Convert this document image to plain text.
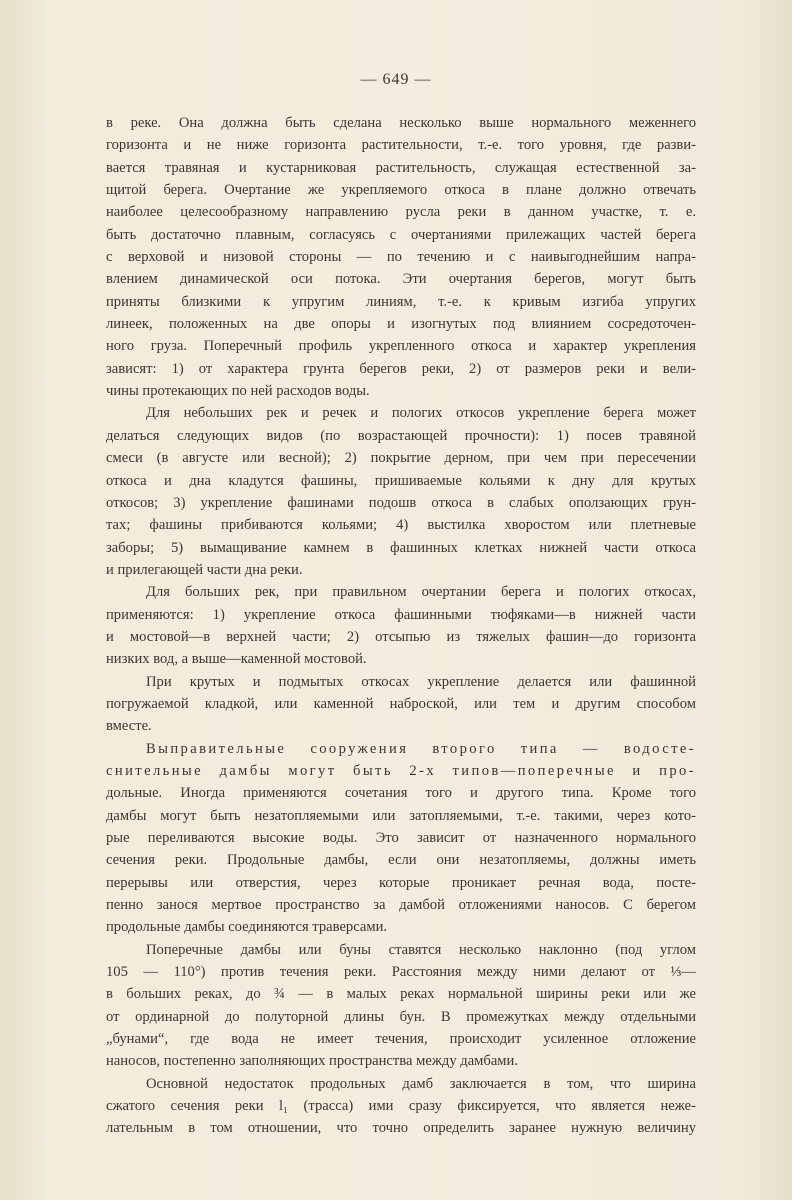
— 649 —
в реке. Она должна быть сделана несколько выше нормального меженнего
горизонта и не ниже горизонта растительности, т.-е. того уровня, где разви-
вается травяная и кустарниковая растительность, служащая естественной за-
щитой берега. Очертание же укрепляемого откоса в плане должно отвечать
наиболее целесообразному направлению русла реки в данном участке, т. е.
быть достаточно плавным, согласуясь с очертаниями прилежащих частей берега
с верховой и низовой стороны — по течению и с наивыгоднейшим напра-
влением динамической оси потока. Эти очертания берегов, могут быть
приняты близкими к упругим линиям, т.-е. к кривым изгиба упругих
линеек, положенных на две опоры и изогнутых под влиянием сосредоточен-
ного груза. Поперечный профиль укрепленного откоса и характер укрепления
зависят: 1) от характера грунта берегов реки, 2) от размеров реки и вели-
чины протекающих по ней расходов воды.
Для небольших рек и речек и пологих откосов укрепление берега может
делаться следующих видов (по возрастающей прочности): 1) посев травяной
смеси (в августе или весной); 2) покрытие дерном, при чем при пересечении
откоса и дна кладутся фашины, пришиваемые кольями к дну для крутых
откосов; 3) укрепление фашинами подошв откоса в слабых оползающих грун-
тах; фашины прибиваются кольями; 4) выстилка хворостом или плетневые
заборы; 5) вымащивание камнем в фашинных клетках нижней части откоса
и прилегающей части дна реки.
Для больших рек, при правильном очертании берега и пологих откосах,
применяются: 1) укрепление откоса фашинными тюфяками—в нижней части
и мостовой—в верхней части; 2) отсыпью из тяжелых фашин—до горизонта
низких вод, а выше—каменной мостовой.
При крутых и подмытых откосах укрепление делается или фашинной
погружаемой кладкой, или каменной наброской, или тем и другим способом
вместе.
Выправительные сооружения второго типа — водосте-
снительные дамбы могут быть 2-х типов—поперечные и про-
дольные. Иногда применяются сочетания того и другого типа. Кроме того
дамбы могут быть незатопляемыми или затопляемыми, т.-е. такими, через кото-
рые переливаются высокие воды. Это зависит от назначенного нормального
сечения реки. Продольные дамбы, если они незатопляемы, должны иметь
перерывы или отверстия, через которые проникает речная вода, посте-
пенно занося мертвое пространство за дамбой отложениями наносов. С берегом
продольные дамбы соединяются траверсами.
Поперечные дамбы или буны ставятся несколько наклонно (под углом
105 — 110°) против течения реки. Расстояния между ними делают от ⅓—
в больших реках, до ¾ — в малых реках нормальной ширины реки или же
от ординарной до полуторной длины бун. В промежутках между отдельными
„бунами“, где вода не имеет течения, происходит усиленное отложение
наносов, постепенно заполняющих пространства между дамбами.
Основной недостаток продольных дамб заключается в том, что ширина
сжатого сечения реки l₁ (трасса) ими сразу фиксируется, что является неже-
лательным в том отношении, что точно определить заранее нужную величину
